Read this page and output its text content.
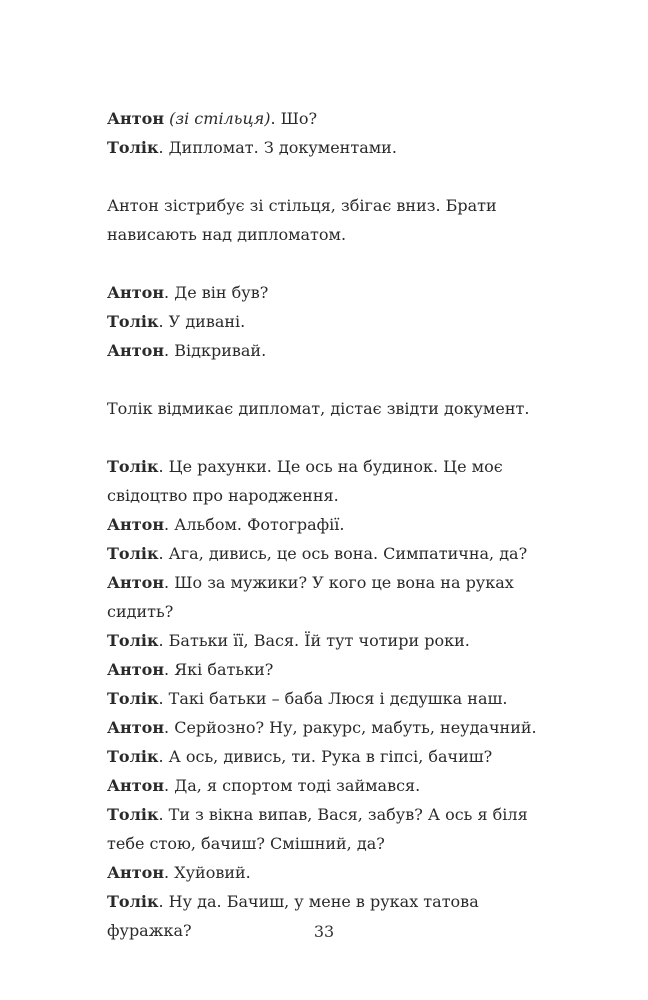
Антон (зі стільця). Шо?

Толік. Дипломат. З документами.

Антон зістрибує зі стільця, збігає вниз. Брати нависають над дипломатом.

Антон. Де він був?

Толік. У дивані.

Антон. Відкривай.

Толік відмикає дипломат, дістає звідти документ.

Толік. Це рахунки. Це ось на будинок. Це моє свідоцтво про народження.

Антон. Альбом. Фотографії.

Толік. Ага, дивись, це ось вона. Симпатична, да?

Антон. Шо за мужики? У кого це вона на руках сидить?

Толік. Батьки її, Вася. Їй тут чотири роки.

Антон. Які батьки?

Толік. Такі батьки – баба Люся і дєдушка наш.

Антон. Серйозно? Ну, ракурс, мабуть, неудачний.

Толік. А ось, дивись, ти. Рука в гіпсі, бачиш?

Антон. Да, я спортом тоді займався.

Толік. Ти з вікна випав, Вася, забув? А ось я біля тебе стою, бачиш? Смішний, да?

Антон. Хуйовий.

Толік. Ну да. Бачиш, у мене в руках татова фуражка?	33
